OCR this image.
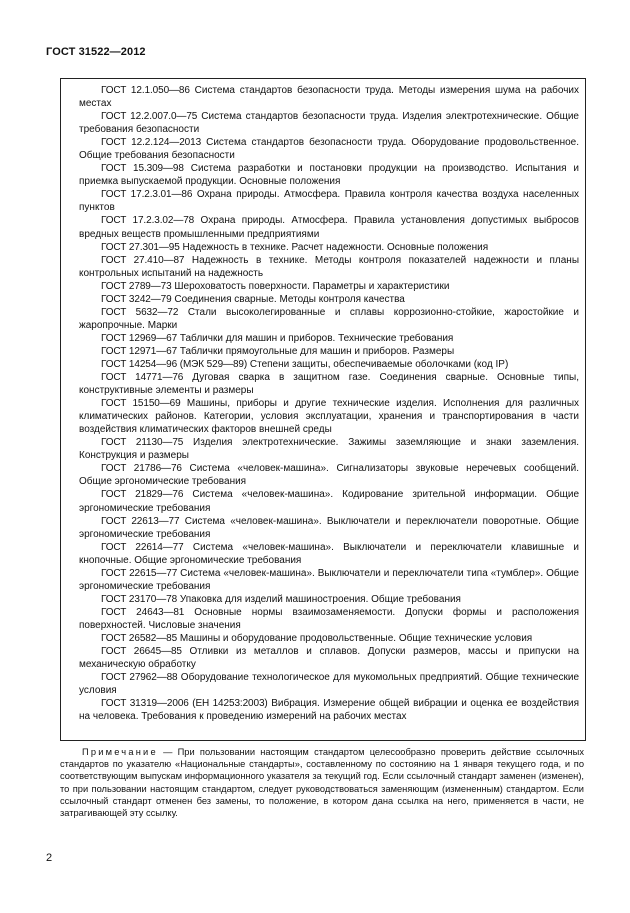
ГОСТ 31522—2012
ГОСТ 12.1.050—86 Система стандартов безопасности труда. Методы измерения шума на рабочих местах
ГОСТ 12.2.007.0—75 Система стандартов безопасности труда. Изделия электротехнические. Общие требования безопасности
ГОСТ 12.2.124—2013 Система стандартов безопасности труда. Оборудование продовольственное. Общие требования безопасности
ГОСТ 15.309—98 Система разработки и постановки продукции на производство. Испытания и приемка выпускаемой продукции. Основные положения
ГОСТ 17.2.3.01—86 Охрана природы. Атмосфера. Правила контроля качества воздуха населенных пунктов
ГОСТ 17.2.3.02—78 Охрана природы. Атмосфера. Правила установления допустимых выбросов вредных веществ промышленными предприятиями
ГОСТ 27.301—95 Надежность в технике. Расчет надежности. Основные положения
ГОСТ 27.410—87 Надежность в технике. Методы контроля показателей надежности и планы контрольных испытаний на надежность
ГОСТ 2789—73 Шероховатость поверхности. Параметры и характеристики
ГОСТ 3242—79 Соединения сварные. Методы контроля качества
ГОСТ 5632—72 Стали высоколегированные и сплавы коррозионно-стойкие, жаростойкие и жаропрочные. Марки
ГОСТ 12969—67 Таблички для машин и приборов. Технические требования
ГОСТ 12971—67 Таблички прямоугольные для машин и приборов. Размеры
ГОСТ 14254—96 (МЭК 529—89) Степени защиты, обеспечиваемые оболочками (код IP)
ГОСТ 14771—76 Дуговая сварка в защитном газе. Соединения сварные. Основные типы, конструктивные элементы и размеры
ГОСТ 15150—69 Машины, приборы и другие технические изделия. Исполнения для различных климатических районов. Категории, условия эксплуатации, хранения и транспортирования в части воздействия климатических факторов внешней среды
ГОСТ 21130—75 Изделия электротехнические. Зажимы заземляющие и знаки заземления. Конструкция и размеры
ГОСТ 21786—76 Система «человек-машина». Сигнализаторы звуковые неречевых сообщений. Общие эргономические требования
ГОСТ 21829—76 Система «человек-машина». Кодирование зрительной информации. Общие эргономические требования
ГОСТ 22613—77 Система «человек-машина». Выключатели и переключатели поворотные. Общие эргономические требования
ГОСТ 22614—77 Система «человек-машина». Выключатели и переключатели клавишные и кнопочные. Общие эргономические требования
ГОСТ 22615—77 Система «человек-машина». Выключатели и переключатели типа «тумблер». Общие эргономические требования
ГОСТ 23170—78 Упаковка для изделий машиностроения. Общие требования
ГОСТ 24643—81 Основные нормы взаимозаменяемости. Допуски формы и расположения поверхностей. Числовые значения
ГОСТ 26582—85 Машины и оборудование продовольственные. Общие технические условия
ГОСТ 26645—85 Отливки из металлов и сплавов. Допуски размеров, массы и припуски на механическую обработку
ГОСТ 27962—88 Оборудование технологическое для мукомольных предприятий. Общие технические условия
ГОСТ 31319—2006 (EH 14253:2003) Вибрация. Измерение общей вибрации и оценка ее воздействия на человека. Требования к проведению измерений на рабочих местах
Примечание — При пользовании настоящим стандартом целесообразно проверить действие ссылочных стандартов по указателю «Национальные стандарты», составленному по состоянию на 1 января текущего года, и по соответствующим выпускам информационного указателя за текущий год. Если ссылочный стандарт заменен (изменен), то при пользовании настоящим стандартом, следует руководствоваться заменяющим (измененным) стандартом. Если ссылочный стандарт отменен без замены, то положение, в котором дана ссылка на него, применяется в части, не затрагивающей эту ссылку.
2
